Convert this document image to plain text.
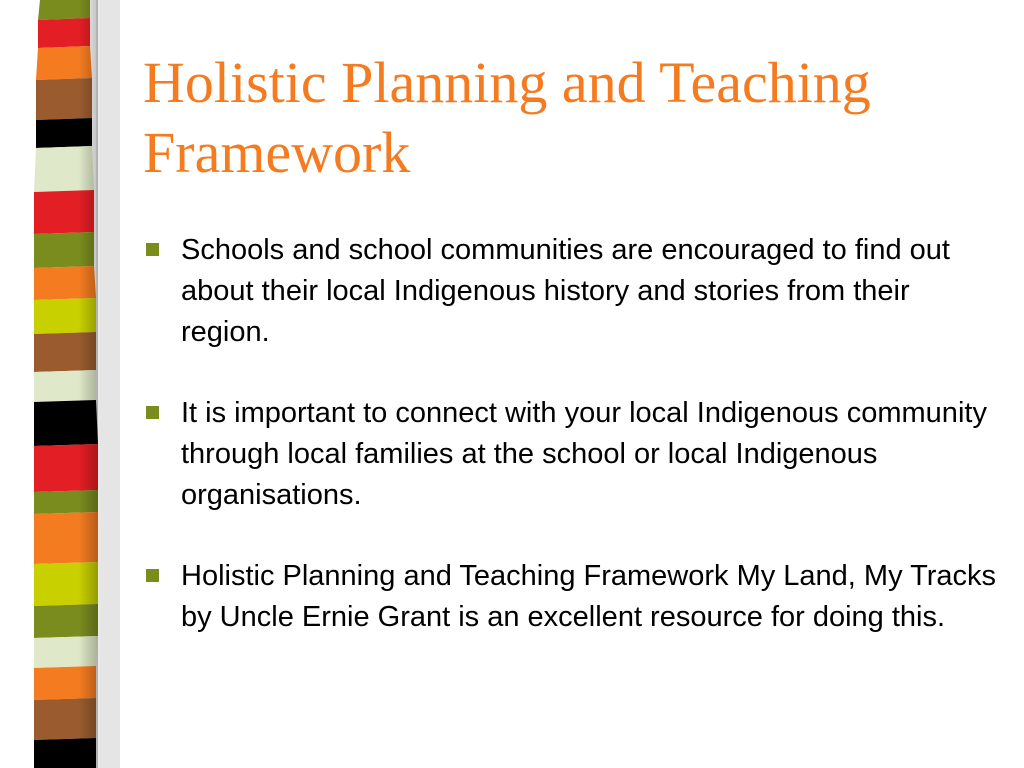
Holistic Planning and Teaching Framework
Schools and school communities are encouraged to find out about their local Indigenous history and stories from their region.
It is important to connect with your local Indigenous community through local families at the school or local Indigenous organisations.
Holistic Planning and Teaching Framework My Land, My Tracks by Uncle Ernie Grant is an excellent resource for doing this.
